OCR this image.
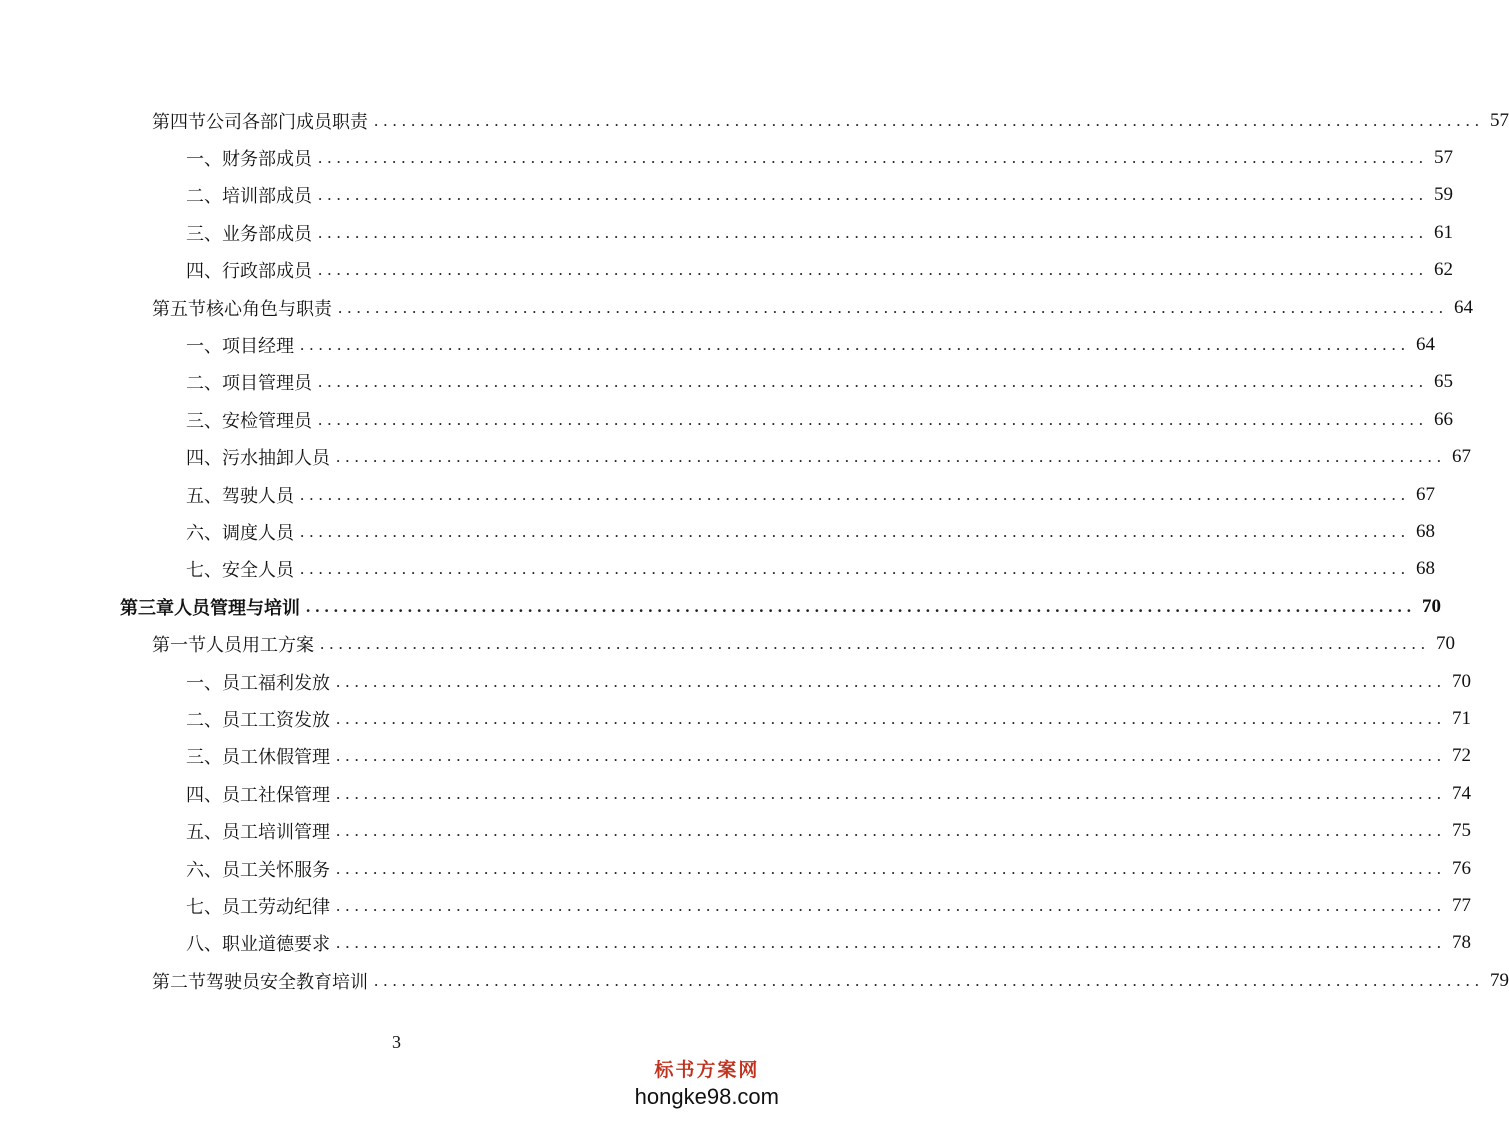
第四节 公司各部门成员职责 ........................................................................................................................ 57
一、 财务部成员 ........................................................................................................................ 57
二、 培训部成员 ........................................................................................................................ 59
三、 业务部成员 ........................................................................................................................ 61
四、 行政部成员 ........................................................................................................................ 62
第五节 核心角色与职责 ........................................................................................................................ 64
一、 项目经理 ........................................................................................................................ 64
二、 项目管理员 ........................................................................................................................ 65
三、 安检管理员 ........................................................................................................................ 66
四、 污水抽卸人员 ........................................................................................................................ 67
五、 驾驶人员 ........................................................................................................................ 67
六、 调度人员 ........................................................................................................................ 68
七、 安全人员 ........................................................................................................................ 68
第三章 人员管理与培训 ........................................................................................................................ 70
第一节 人员用工方案 ........................................................................................................................ 70
一、 员工福利发放 ........................................................................................................................ 70
二、 员工工资发放 ........................................................................................................................ 71
三、 员工休假管理 ........................................................................................................................ 72
四、 员工社保管理 ........................................................................................................................ 74
五、 员工培训管理 ........................................................................................................................ 75
六、 员工关怀服务 ........................................................................................................................ 76
七、 员工劳动纪律 ........................................................................................................................ 77
八、 职业道德要求 ........................................................................................................................ 78
第二节 驾驶员安全教育培训 ........................................................................................................................ 79
3
标书方案网
hongke98.com
